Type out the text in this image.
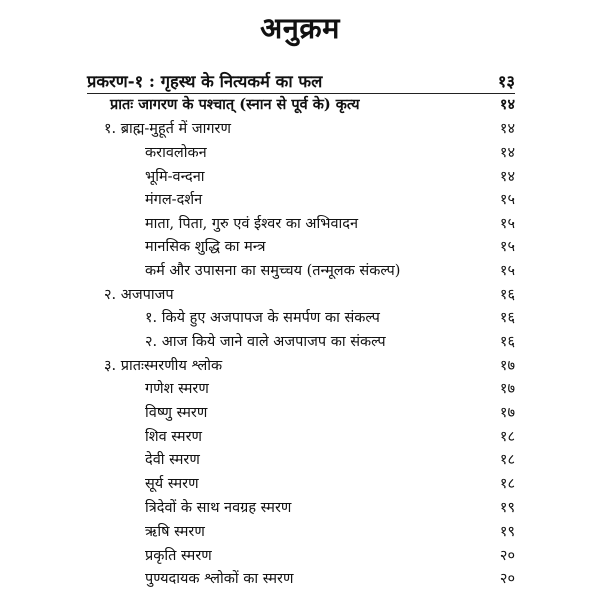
अनुक्रम
प्रकरण-१ : गृहस्थ के नित्यकर्म का फल	१३
प्रातः जागरण के पश्चात् (स्नान से पूर्व के) कृत्य	१४
१. ब्राह्म-मुहूर्त में जागरण	१४
करावलोकन	१४
भूमि-वन्दना	१४
मंगल-दर्शन	१५
माता, पिता, गुरु एवं ईश्वर का अभिवादन	१५
मानसिक शुद्धि का मन्त्र	१५
कर्म और उपासना का समुच्चय (तन्मूलक संकल्प)	१५
२. अजपाजप	१६
१. किये हुए अजपापज के समर्पण का संकल्प	१६
२. आज किये जाने वाले अजपाजप का संकल्प	१६
३. प्रातःस्मरणीय श्लोक	१७
गणेश स्मरण	१७
विष्णु स्मरण	१७
शिव स्मरण	१८
देवी स्मरण	१८
सूर्य स्मरण	१८
त्रिदेवों के साथ नवग्रह स्मरण	१९
ऋषि स्मरण	१९
प्रकृति स्मरण	२०
पुण्यदायक श्लोकों का स्मरण	२०
